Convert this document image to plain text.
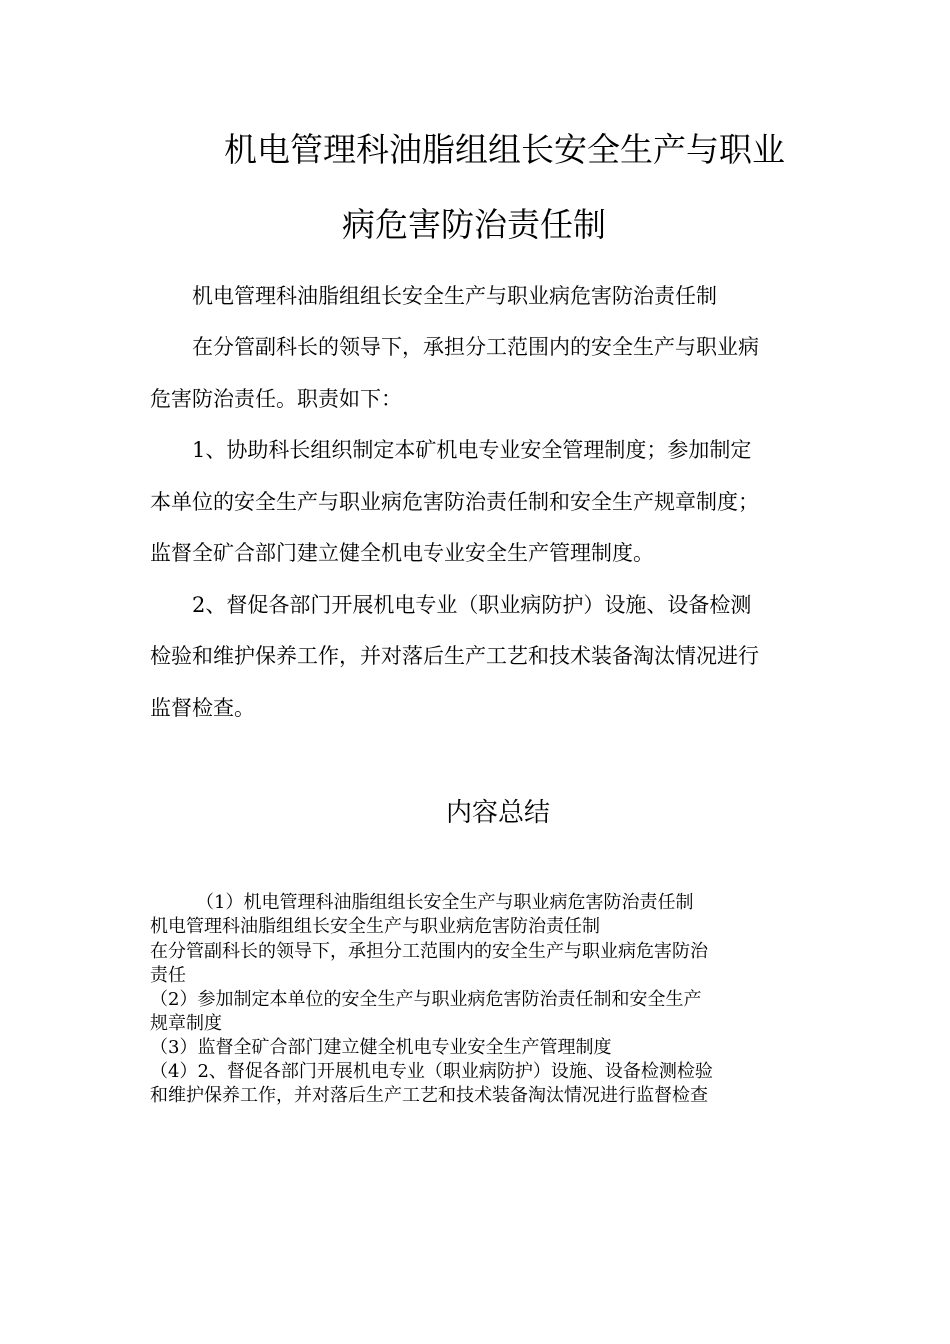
机电管理科油脂组组长安全生产与职业
病危害防治责任制

机电管理科油脂组组长安全生产与职业病危害防治责任制

在分管副科长的领导下，承担分工范围内的安全生产与职业病

危害防治责任。职责如下：

1、协助科长组织制定本矿机电专业安全管理制度；参加制定

本单位的安全生产与职业病危害防治责任制和安全生产规章制度；

监督全矿合部门建立健全机电专业安全生产管理制度。

2、督促各部门开展机电专业（职业病防护）设施、设备检测

检验和维护保养工作，并对落后生产工艺和技术装备淘汰情况进行

监督检查。

内容总结

（1）机电管理科油脂组组长安全生产与职业病危害防治责任制

机电管理科油脂组组长安全生产与职业病危害防治责任制

在分管副科长的领导下，承担分工范围内的安全生产与职业病危害防治

责任

（2）参加制定本单位的安全生产与职业病危害防治责任制和安全生产

规章制度

（3）监督全矿合部门建立健全机电专业安全生产管理制度

（4）2、督促各部门开展机电专业（职业病防护）设施、设备检测检验

和维护保养工作，并对落后生产工艺和技术装备淘汰情况进行监督检查
